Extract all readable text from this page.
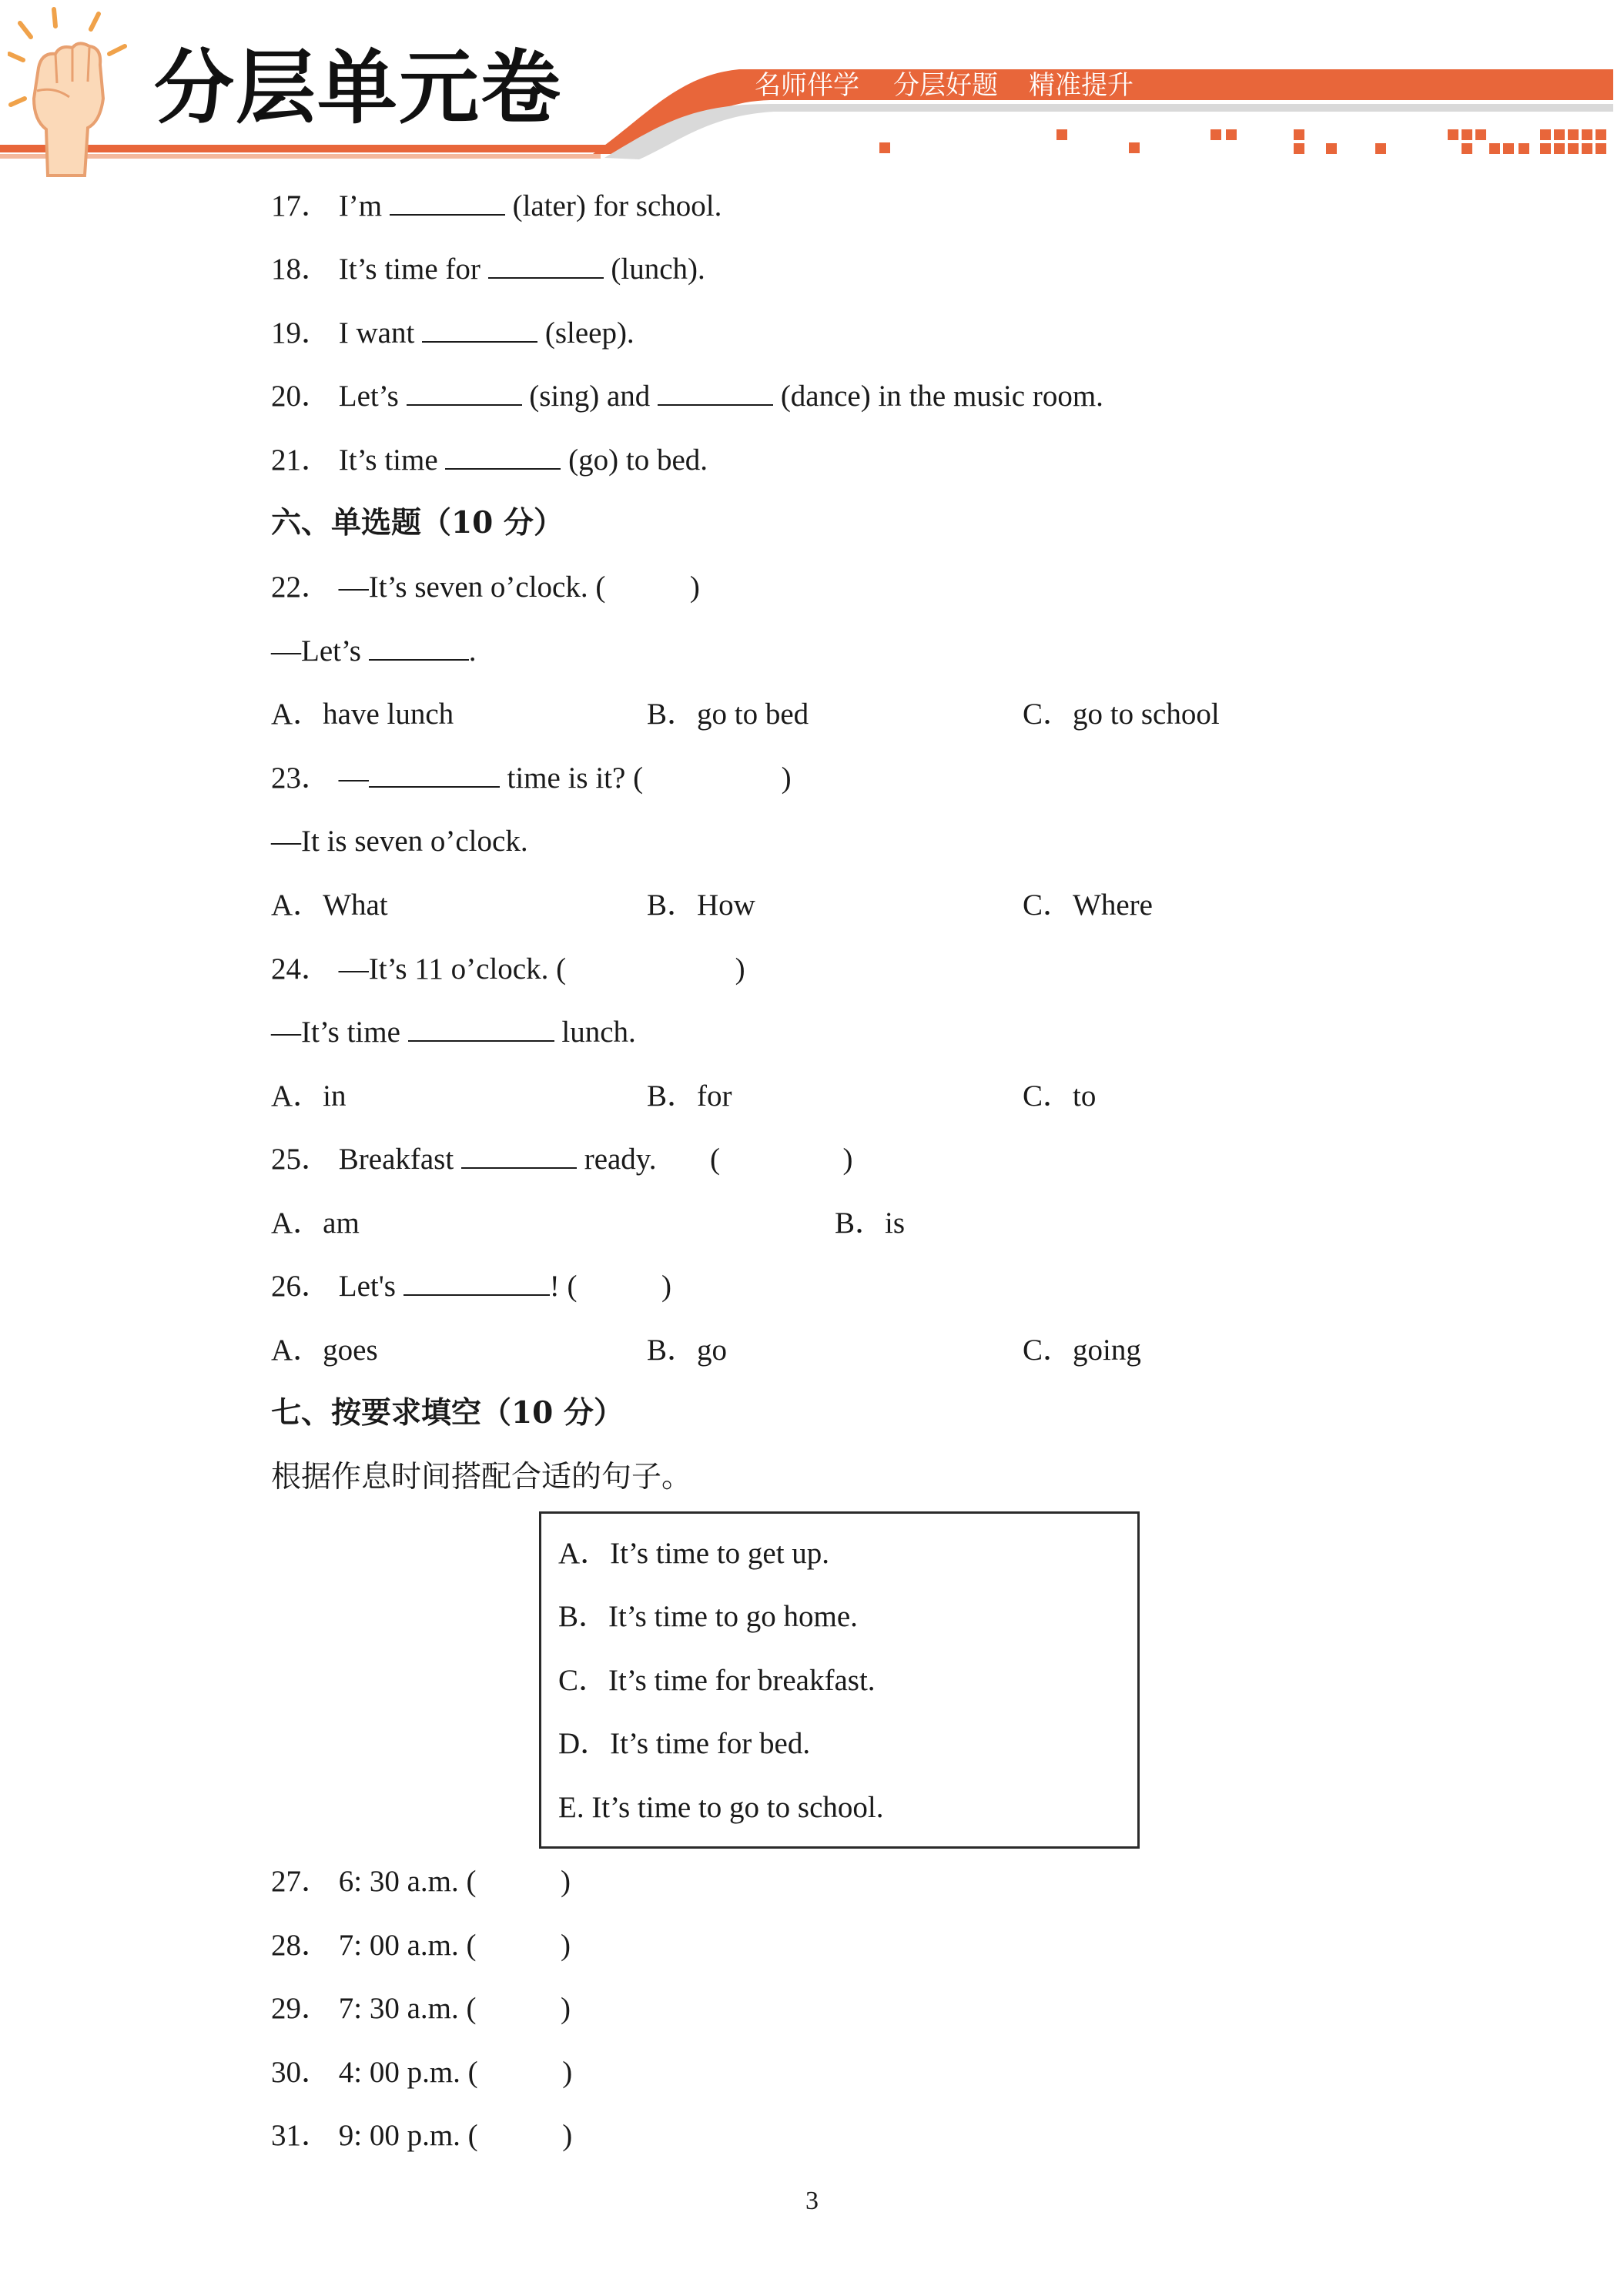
分层单元卷	名师伴学 分层好题 精准提升
17． I’m	(later) for school.
18． It’s time for	(lunch).
19． I want	(sleep).
20． Let’s	(sing) and	(dance) in the music room.
21． It’s time	(go) to bed.
六、单选题（10 分）
22． —It’s seven o’clock. (	)
—Let’s	.
A．have lunch	B．go to bed	C．go to school
23． —	time is it? (	)
—It is seven o’clock.
A．What	B．How	C．Where
24． —It’s 11 o’clock. (	)
—It’s time	lunch.
A．in	B．for	C．to
25． Breakfast	ready. (	)
A．am	B．is
26． Let's	! (	)
A．goes	B．go	C．going
七、按要求填空（10 分）
根据作息时间搭配合适的句子。
A．It’s time to get up.
B．It’s time to go home.
C．It’s time for breakfast.
D．It’s time for bed.
E. It’s time to go to school.
27． 6: 30 a.m. (	)
28． 7: 00 a.m. (	)
29． 7: 30 a.m. (	)
30． 4: 00 p.m. (	)
31． 9: 00 p.m. (	)
3
